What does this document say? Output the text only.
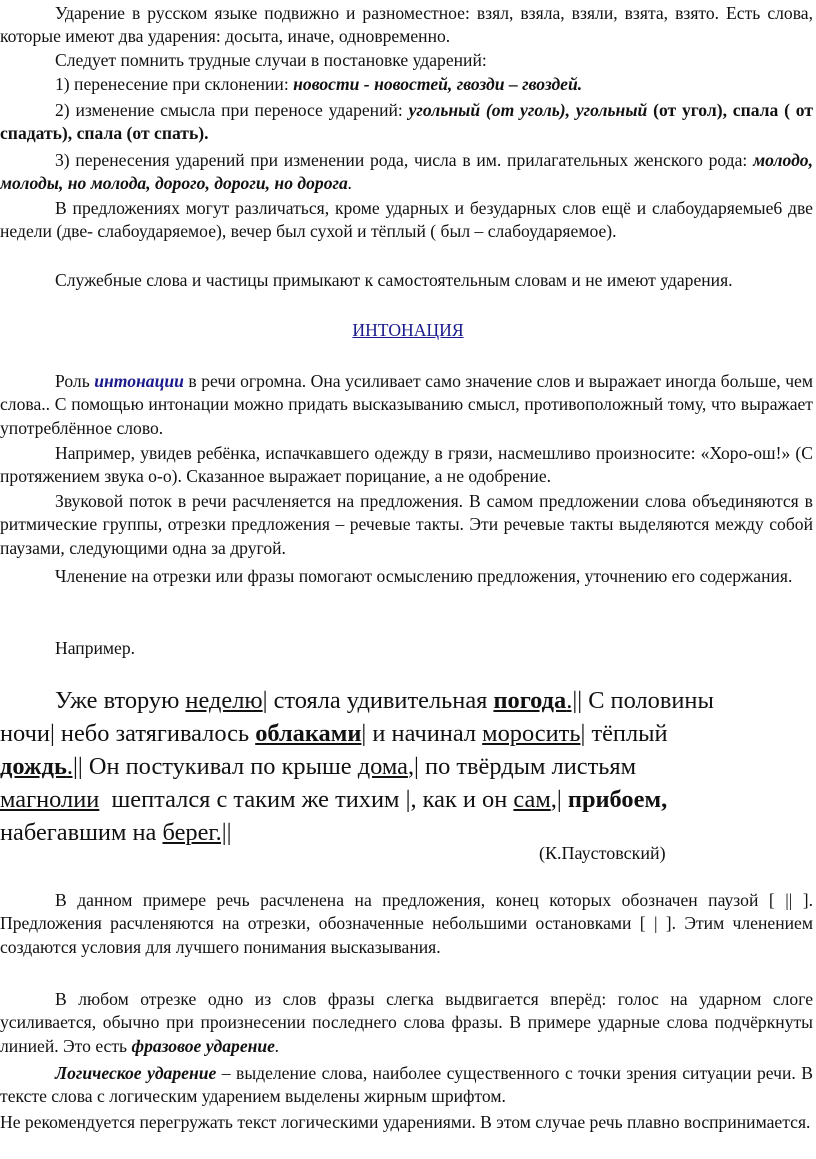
Ударение в русском языке подвижно и разноместное: взял, взяла, взяли, взята, взято. Есть слова, которые имеют два ударения: досыта, иначе, одновременно.

Следует помнить трудные случаи в постановке ударений:

1) перенесение при склонении: новости - новостей, гвозди – гвоздей.

2) изменение смысла при переносе ударений: угольный (от уголь), угольный (от угол), спала ( от спадать), спала (от спать).

3) перенесения ударений при изменении рода, числа в им. прилагательных женского рода: молодо, молоды, но молода, дорого, дороги, но дорога.

В предложениях могут различаться, кроме ударных и безударных слов ещё и слабоударяемые6 две недели (две- слабоударяемое), вечер был сухой и тёплый ( был – слабоударяемое).

Служебные слова и частицы примыкают к самостоятельным словам и не имеют ударения.

ИНТОНАЦИЯ

Роль интонации в речи огромна. Она усиливает само значение слов и выражает иногда больше, чем слова.. С помощью интонации можно придать высказыванию смысл, противоположный тому, что выражает употреблённое слово.

Например, увидев ребёнка, испачкавшего одежду в грязи, насмешливо произносите: «Хоро-ош!» (С протяжением звука о-о). Сказанное выражает порицание, а не одобрение.

Звуковой поток в речи расчленяется на предложения. В самом предложении слова объединяются в ритмические группы, отрезки предложения – речевые такты. Эти речевые такты выделяются между собой паузами, следующими одна за другой.

Членение на отрезки или фразы помогают осмыслению предложения, уточнению его содержания.

Например.

Уже вторую неделю| стояла удивительная погода.|| С половины
ночи| небо затягивалось облаками| и начинал моросить| тёплый
дождь.|| Он постукивал по крыше дома,| по твёрдым листьям
магнолии  шептался с таким же тихим |, как и он сам,| прибоем,
набегавшим на берег.||
(К.Паустовский)

В данном примере речь расчленена на предложения, конец которых обозначен паузой [ || ]. Предложения расчленяются на отрезки, обозначенные небольшими остановками [ | ]. Этим членением создаются условия для лучшего понимания высказывания.

В любом отрезке одно из слов фразы слегка выдвигается вперёд: голос на ударном слоге усиливается, обычно при произнесении последнего слова фразы. В примере ударные слова подчёркнуты линией. Это есть фразовое ударение.

Логическое ударение – выделение слова, наиболее существенного с точки зрения ситуации речи. В тексте слова с логическим ударением выделены жирным шрифтом.

Не рекомендуется перегружать текст логическими ударениями. В этом случае речь плавно воспринимается.
